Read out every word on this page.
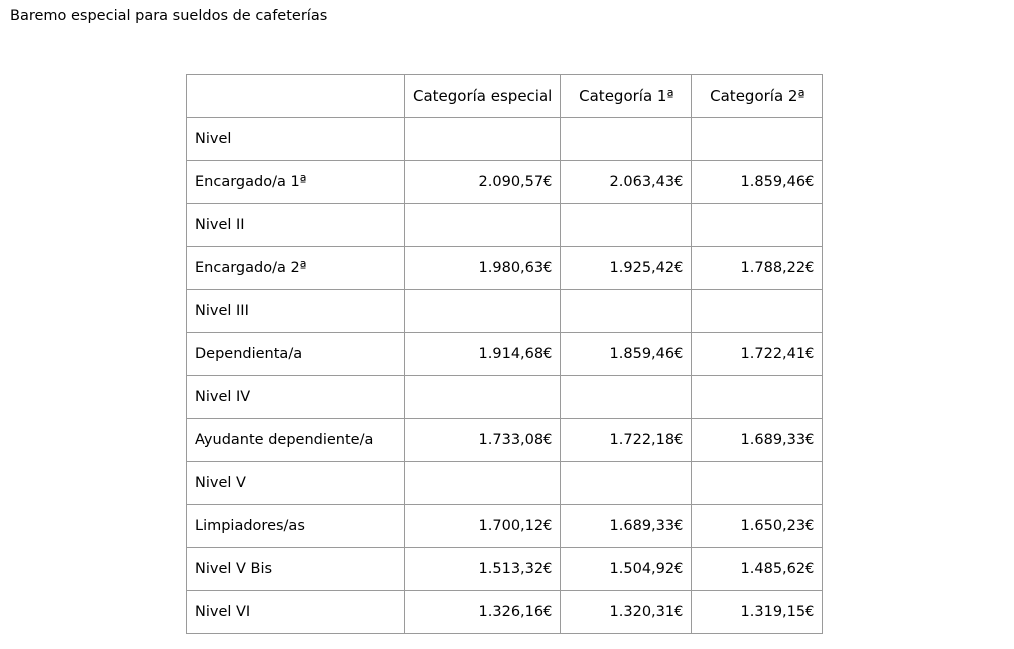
Baremo especial para sueldos de cafeterías
	Categoría especial	Categoría 1ª	Categoría 2ª
Nivel			
Encargado/a 1ª	2.090,57€	2.063,43€	1.859,46€
Nivel II			
Encargado/a 2ª	1.980,63€	1.925,42€	1.788,22€
Nivel III			
Dependienta/a	1.914,68€	1.859,46€	1.722,41€
Nivel IV			
Ayudante dependiente/a	1.733,08€	1.722,18€	1.689,33€
Nivel V			
Limpiadores/as	1.700,12€	1.689,33€	1.650,23€
Nivel V Bis	1.513,32€	1.504,92€	1.485,62€
Nivel VI	1.326,16€	1.320,31€	1.319,15€
